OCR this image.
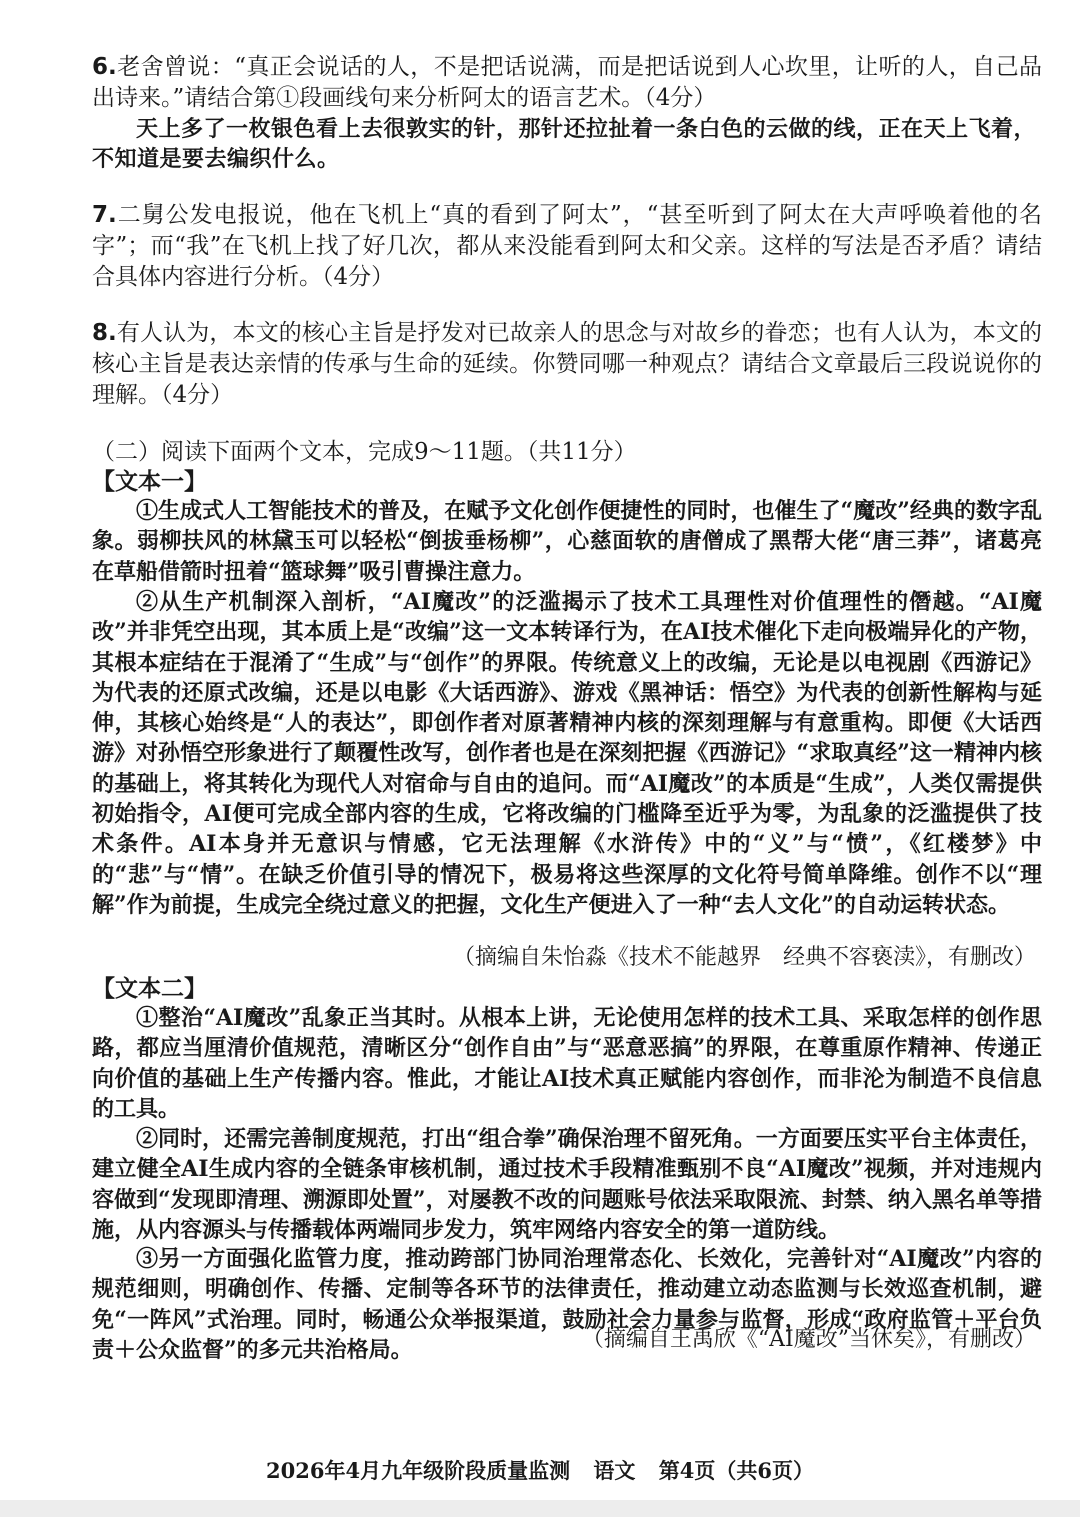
6.老舍曾说：“真正会说话的人，不是把话说满，而是把话说到人心坎里，让听的人，自己品出诗来。”请结合第①段画线句来分析阿太的语言艺术。（4分）

天上多了一枚银色看上去很敦实的针，那针还拉扯着一条白色的云做的线，正在天上飞着，不知道是要去编织什么。

7.二舅公发电报说，他在飞机上“真的看到了阿太”，“甚至听到了阿太在大声呼唤着他的名字”；而“我”在飞机上找了好几次，都从来没能看到阿太和父亲。这样的写法是否矛盾？请结合具体内容进行分析。（4分）

8.有人认为，本文的核心主旨是抒发对已故亲人的思念与对故乡的眷恋；也有人认为，本文的核心主旨是表达亲情的传承与生命的延续。你赞同哪一种观点？请结合文章最后三段说说你的理解。（4分）

（二）阅读下面两个文本，完成9～11题。（共11分）

【文本一】

①生成式人工智能技术的普及，在赋予文化创作便捷性的同时，也催生了“魔改”经典的数字乱象。弱柳扶风的林黛玉可以轻松“倒拔垂杨柳”，心慈面软的唐僧成了黑帮大佬“唐三莽”，诸葛亮在草船借箭时扭着“篮球舞”吸引曹操注意力。

②从生产机制深入剖析，“AI魔改”的泛滥揭示了技术工具理性对价值理性的僭越。“AI魔改”并非凭空出现，其本质上是“改编”这一文本转译行为，在AI技术催化下走向极端异化的产物，其根本症结在于混淆了“生成”与“创作”的界限。传统意义上的改编，无论是以电视剧《西游记》为代表的还原式改编，还是以电影《大话西游》、游戏《黑神话：悟空》为代表的创新性解构与延伸，其核心始终是“人的表达”，即创作者对原著精神内核的深刻理解与有意重构。即便《大话西游》对孙悟空形象进行了颠覆性改写，创作者也是在深刻把握《西游记》“求取真经”这一精神内核的基础上，将其转化为现代人对宿命与自由的追问。而“AI魔改”的本质是“生成”，人类仅需提供初始指令，AI便可完成全部内容的生成，它将改编的门槛降至近乎为零，为乱象的泛滥提供了技术条件。AI本身并无意识与情感，它无法理解《水浒传》中的“义”与“愤”，《红楼梦》中的“悲”与“情”。在缺乏价值引导的情况下，极易将这些深厚的文化符号简单降维。创作不以“理解”作为前提，生成完全绕过意义的把握，文化生产便进入了一种“去人文化”的自动运转状态。

（摘编自朱怡淼《技术不能越界　经典不容亵渎》，有删改）

【文本二】

①整治“AI魔改”乱象正当其时。从根本上讲，无论使用怎样的技术工具、采取怎样的创作思路，都应当厘清价值规范，清晰区分“创作自由”与“恶意恶搞”的界限，在尊重原作精神、传递正向价值的基础上生产传播内容。惟此，才能让AI技术真正赋能内容创作，而非沦为制造不良信息的工具。

②同时，还需完善制度规范，打出“组合拳”确保治理不留死角。一方面要压实平台主体责任，建立健全AI生成内容的全链条审核机制，通过技术手段精准甄别不良“AI魔改”视频，并对违规内容做到“发现即清理、溯源即处置”，对屡教不改的问题账号依法采取限流、封禁、纳入黑名单等措施，从内容源头与传播载体两端同步发力，筑牢网络内容安全的第一道防线。

③另一方面强化监管力度，推动跨部门协同治理常态化、长效化，完善针对“AI魔改”内容的规范细则，明确创作、传播、定制等各环节的法律责任，推动建立动态监测与长效巡查机制，避免“一阵风”式治理。同时，畅通公众举报渠道，鼓励社会力量参与监督，形成“政府监管＋平台负责＋公众监督”的多元共治格局。	（摘编自王禹欣《“AI魔改”当休矣》，有删改）

2026年4月九年级阶段质量监测 语文 第4页（共6页）
